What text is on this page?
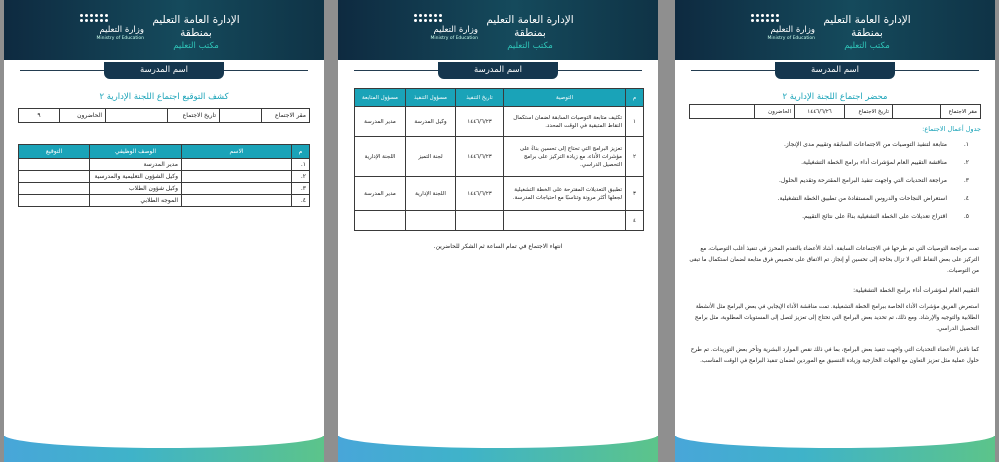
الإدارة العامة التعليم
بمنطقة
مكتب التعليم
وزارة التعليم
Ministry of Education
اسم المدرسة
كشف التوقيع اجتماع اللجنة الإدارية ٢
مقر الاجتماع		تاريخ الاجتماع		الحاضرون	٩
م	الاسم	الوصف الوظيفي	التوقيع
١.		مدير المدرسة	
٢.		وكيل الشؤون التعليمية والمدرسية	
٣.		وكيل شؤون الطلاب	
٤.		الموجه الطلابي	
الإدارة العامة التعليم
بمنطقة
مكتب التعليم
وزارة التعليم
Ministry of Education
اسم المدرسة
م	التوصية	تاريخ التنفيذ	مسؤول التنفيذ	مسؤول المتابعة
١	تكثيف متابعة التوصيات السابقة لضمان استكمال النقاط المتبقية في الوقت المحدد.	١٤٤٦/٦/٢٣	وكيل المدرسة	مدير المدرسة
٢	تعزيز البرامج التي تحتاج إلى تحسين بناءً على مؤشرات الأداء، مع زيادة التركيز على برامج التحصيل الدراسي.	١٤٤٦/٦/٢٣	لجنة التميز	اللجنة الإدارية
٣	تطبيق التعديلات المقترحة على الخطة التشغيلية لجعلها أكثر مرونة وتناسبًا مع احتياجات المدرسة.	١٤٤٦/٦/٢٣	اللجنة الإدارية	مدير المدرسة
٤				
انتهاء الاجتماع في تمام الساعة ثم الشكر للحاضرين.
الإدارة العامة التعليم
بمنطقة
مكتب التعليم
وزارة التعليم
Ministry of Education
اسم المدرسة
محضر اجتماع اللجنة الإدارية ٢
مقر الاجتماع		تاريخ الاجتماع	١٤٤٦/٦/٢٦	الحاضرون	
جدول أعمال الاجتماع:
١.متابعة لتنفيذ التوصيات من الاجتماعات السابقة وتقييم مدى الإنجاز.
٢.مناقشة التقييم العام لمؤشرات أداء برامج الخطة التشغيلية.
٣.مراجعة التحديات التي واجهت تنفيذ البرامج المقترحة وتقديم الحلول.
٤.استعراض النجاحات والدروس المستفادة من تطبيق الخطة التشغيلية.
٥.اقتراح تعديلات على الخطة التشغيلية بناءً على نتائج التقييم.
تمت مراجعة التوصيات التي تم طرحها في الاجتماعات السابقة. أشاد الأعضاء بالتقدم المحرز في تنفيذ أغلب التوصيات، مع التركيز على بعض النقاط التي لا تزال بحاجة إلى تحسين أو إنجاز. تم الاتفاق على تخصيص فرق متابعة لضمان استكمال ما تبقى من التوصيات.
التقييم العام لمؤشرات أداء برامج الخطة التشغيلية:
استعرض الفريق مؤشرات الأداء الخاصة ببرامج الخطة التشغيلية. تمت مناقشة الأداء الإيجابي في بعض البرامج مثل الأنشطة الطلابية والتوجيه والإرشاد. ومع ذلك، تم تحديد بعض البرامج التي تحتاج إلى تعزيز لتصل إلى المستويات المطلوبة، مثل برامج التحصيل الدراسي.
كما ناقش الأعضاء التحديات التي واجهت تنفيذ بعض البرامج، بما في ذلك نقص الموارد البشرية وتأخر بعض التوريدات. تم طرح حلول عملية مثل تعزيز التعاون مع الجهات الخارجية وزيادة التنسيق مع الموردين لضمان تنفيذ البرامج في الوقت المناسب.
